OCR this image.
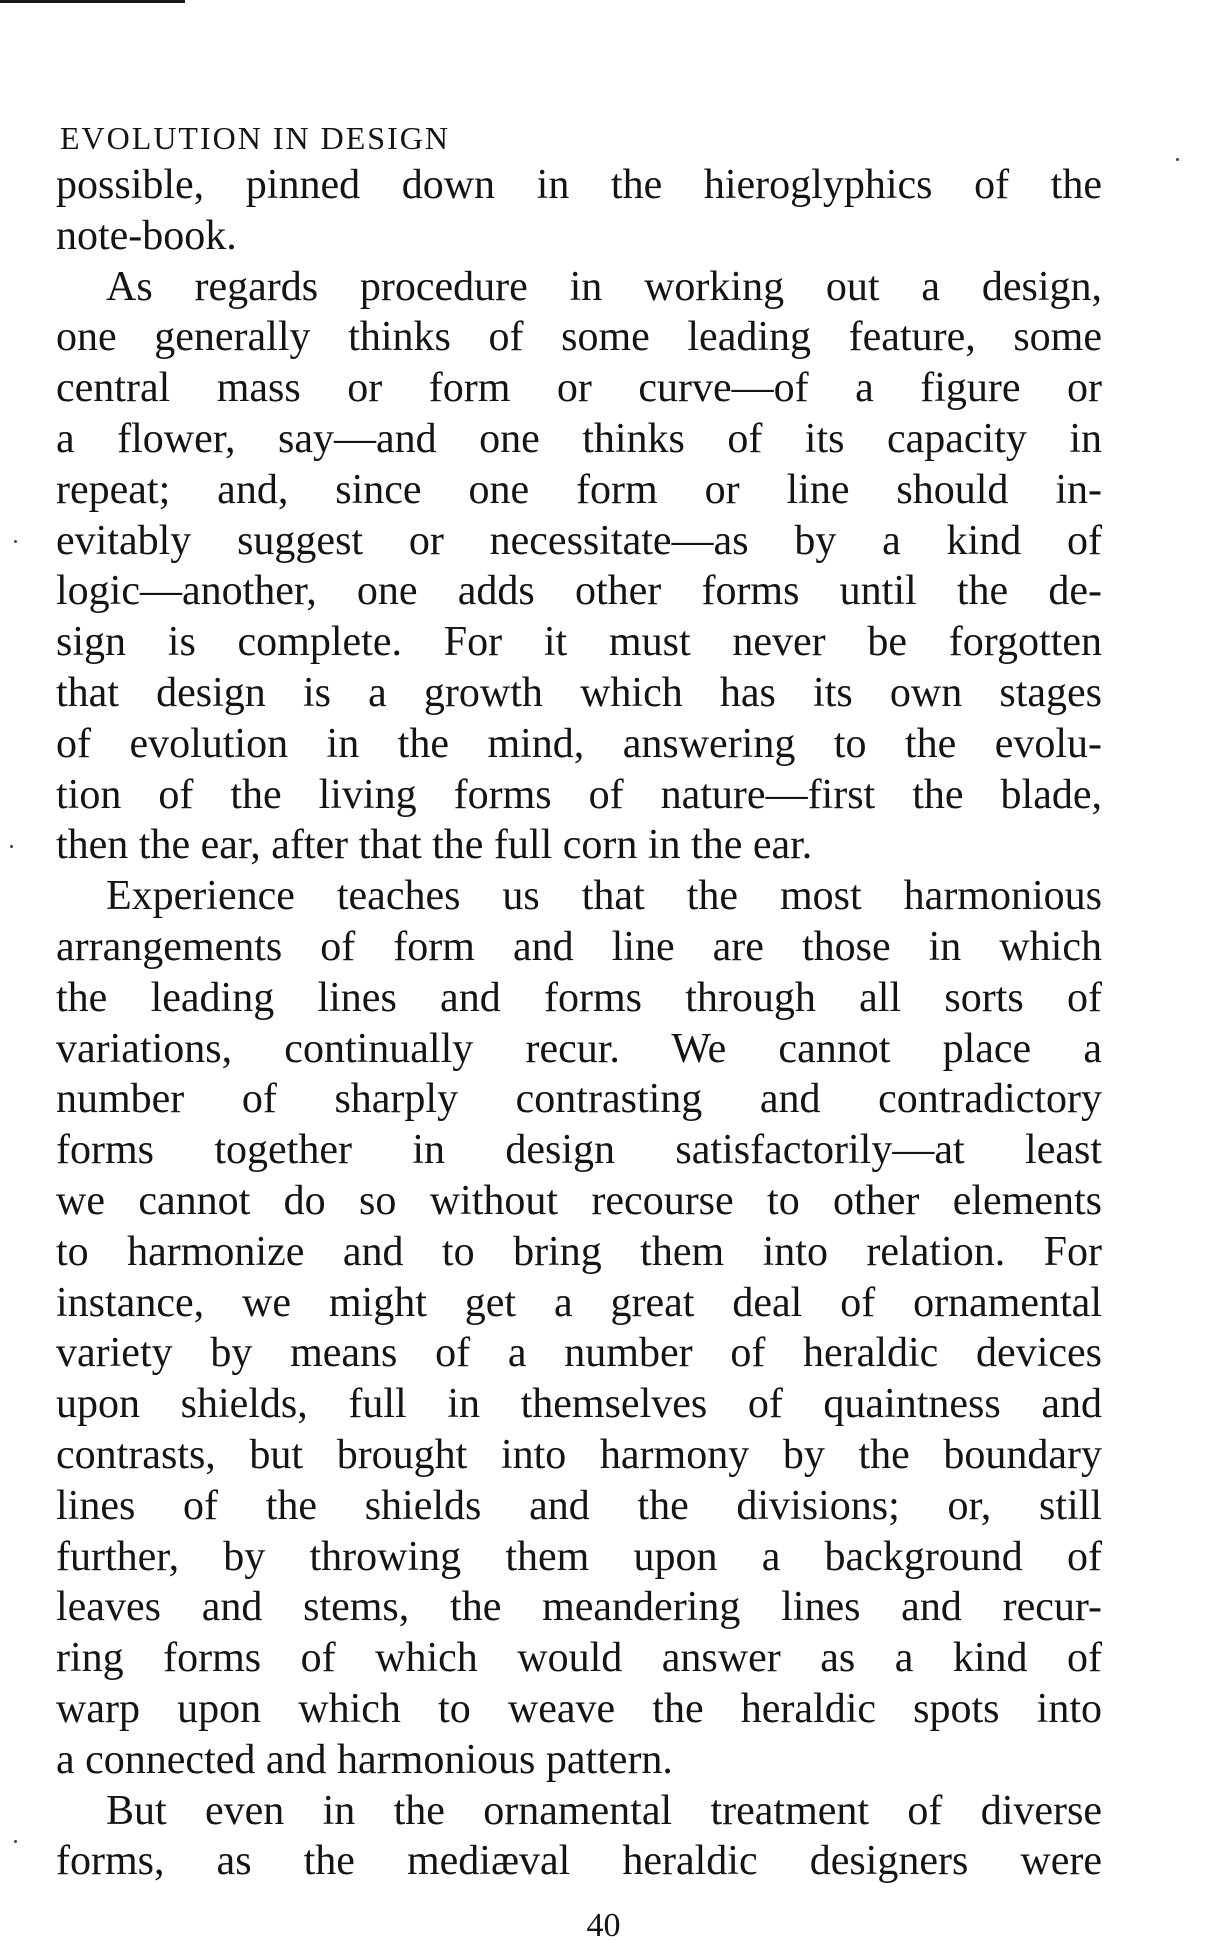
EVOLUTION IN DESIGN
possible, pinned down in the hieroglyphics of the
note-book.
As regards procedure in working out a design,
one generally thinks of some leading feature, some
central mass or form or curve—of a figure or
a flower, say—and one thinks of its capacity in
repeat; and, since one form or line should in-
evitably suggest or necessitate—as by a kind of
logic—another, one adds other forms until the de-
sign is complete. For it must never be forgotten
that design is a growth which has its own stages
of evolution in the mind, answering to the evolu-
tion of the living forms of nature—first the blade,
then the ear, after that the full corn in the ear.
Experience teaches us that the most harmonious
arrangements of form and line are those in which
the leading lines and forms through all sorts of
variations, continually recur. We cannot place a
number of sharply contrasting and contradictory
forms together in design satisfactorily—at least
we cannot do so without recourse to other elements
to harmonize and to bring them into relation. For
instance, we might get a great deal of ornamental
variety by means of a number of heraldic devices
upon shields, full in themselves of quaintness and
contrasts, but brought into harmony by the boundary
lines of the shields and the divisions; or, still
further, by throwing them upon a background of
leaves and stems, the meandering lines and recur-
ring forms of which would answer as a kind of
warp upon which to weave the heraldic spots into
a connected and harmonious pattern.
But even in the ornamental treatment of diverse
forms, as the mediæval heraldic designers were
40
